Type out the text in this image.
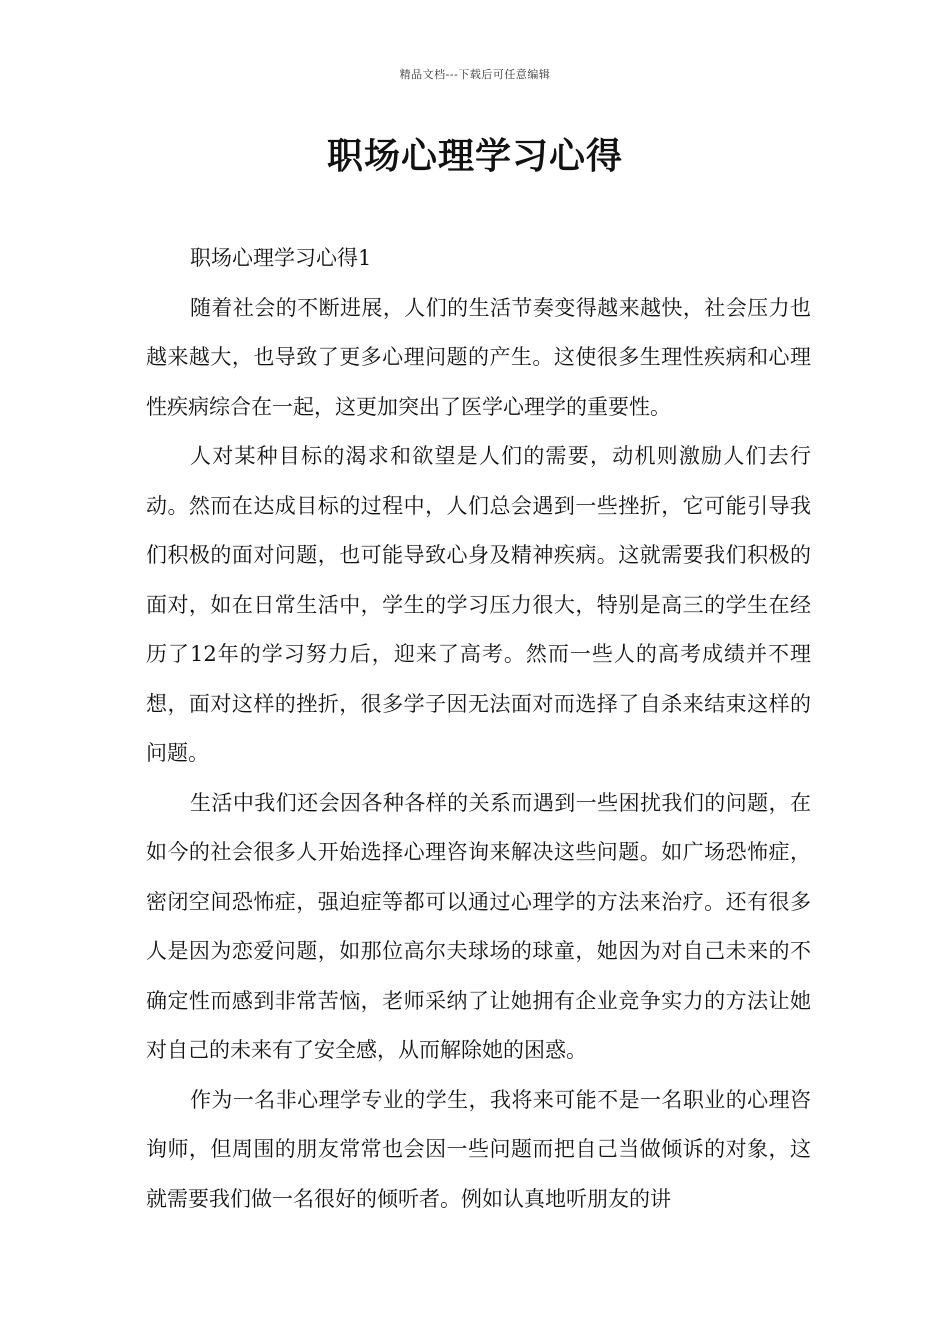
精品文档---下载后可任意编辑
职场心理学习心得

职场心理学习心得1

随着社会的不断进展，人们的生活节奏变得越来越快，社会压力也越来越大，也导致了更多心理问题的产生。这使很多生理性疾病和心理性疾病综合在一起，这更加突出了医学心理学的重要性。

人对某种目标的渴求和欲望是人们的需要，动机则激励人们去行动。然而在达成目标的过程中，人们总会遇到一些挫折，它可能引导我们积极的面对问题，也可能导致心身及精神疾病。这就需要我们积极的面对，如在日常生活中，学生的学习压力很大，特别是高三的学生在经历了12年的学习努力后，迎来了高考。然而一些人的高考成绩并不理想，面对这样的挫折，很多学子因无法面对而选择了自杀来结束这样的问题。

生活中我们还会因各种各样的关系而遇到一些困扰我们的问题，在如今的社会很多人开始选择心理咨询来解决这些问题。如广场恐怖症，密闭空间恐怖症，强迫症等都可以通过心理学的方法来治疗。还有很多人是因为恋爱问题，如那位高尔夫球场的球童，她因为对自己未来的不确定性而感到非常苦恼，老师采纳了让她拥有企业竞争实力的方法让她对自己的未来有了安全感，从而解除她的困惑。

作为一名非心理学专业的学生，我将来可能不是一名职业的心理咨询师，但周围的朋友常常也会因一些问题而把自己当做倾诉的对象，这就需要我们做一名很好的倾听者。例如认真地听朋友的讲
